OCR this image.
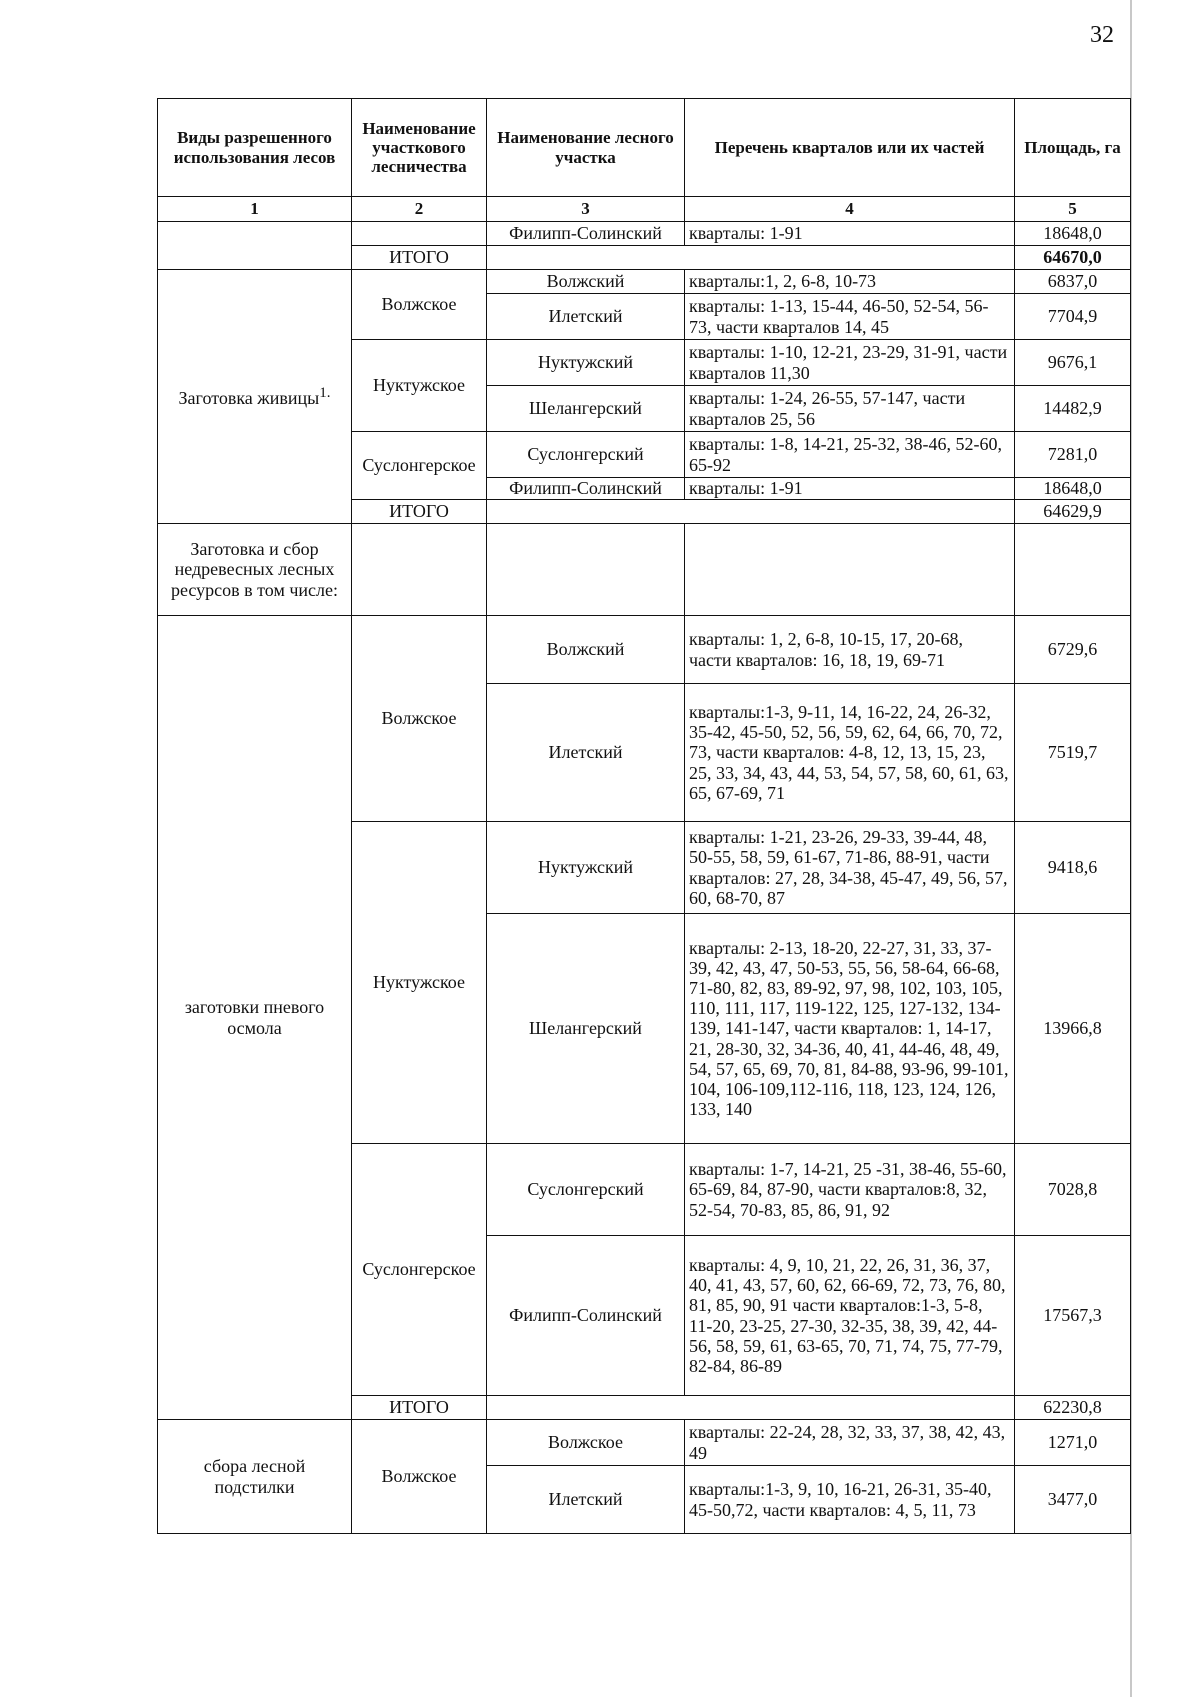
32
Виды разрешенного использования лесов	Наименование участкового лесничества	Наименование лесного участка	Перечень кварталов или их частей	Площадь, га
1	2	3	4	5
		Филипп-Солинский	кварталы: 1-91	18648,0
	ИТОГО			64670,0
Заготовка живицы$^{1.}$	Волжское	Волжский	кварталы:1, 2, 6-8, 10-73	6837,0
		Илетский	кварталы: 1-13, 15-44, 46-50, 52-54, 56-73, части кварталов 14, 45	7704,9
	Нуктужское	Нуктужский	кварталы: 1-10, 12-21, 23-29, 31-91, части кварталов 11,30	9676,1
		Шелангерский	кварталы: 1-24, 26-55, 57-147, части кварталов 25, 56	14482,9
	Суслонгерское	Суслонгерский	кварталы: 1-8, 14-21, 25-32, 38-46, 52-60, 65-92	7281,0
		Филипп-Солинский	кварталы: 1-91	18648,0
	ИТОГО			64629,9
Заготовка и сбор недревесных лесных ресурсов в том числе:				
заготовки пневого осмола	Волжское	Волжский	кварталы: 1, 2, 6-8, 10-15, 17, 20-68, части кварталов: 16, 18, 19, 69-71	6729,6
		Илетский	кварталы:1-3, 9-11, 14, 16-22, 24, 26-32, 35-42, 45-50, 52, 56, 59, 62, 64, 66, 70, 72, 73, части кварталов: 4-8, 12, 13, 15, 23, 25, 33, 34, 43, 44, 53, 54, 57, 58, 60, 61, 63, 65, 67-69, 71	7519,7
	Нуктужское	Нуктужский	кварталы: 1-21, 23-26, 29-33, 39-44, 48, 50-55, 58, 59, 61-67, 71-86, 88-91, части кварталов: 27, 28, 34-38, 45-47, 49, 56, 57, 60, 68-70, 87	9418,6
		Шелангерский	кварталы: 2-13, 18-20, 22-27, 31, 33, 37-39, 42, 43, 47, 50-53, 55, 56, 58-64, 66-68, 71-80, 82, 83, 89-92, 97, 98, 102, 103, 105, 110, 111, 117, 119-122, 125, 127-132, 134-139, 141-147, части кварталов: 1, 14-17, 21, 28-30, 32, 34-36, 40, 41, 44-46, 48, 49, 54, 57, 65, 69, 70, 81, 84-88, 93-96, 99-101, 104, 106-109,112-116, 118, 123, 124, 126, 133, 140	13966,8
	Суслонгерское	Суслонгерский	кварталы: 1-7, 14-21, 25 -31, 38-46, 55-60, 65-69, 84, 87-90, части кварталов:8, 32, 52-54, 70-83, 85, 86, 91, 92	7028,8
		Филипп-Солинский	кварталы: 4, 9, 10, 21, 22, 26, 31, 36, 37, 40, 41, 43, 57, 60, 62, 66-69, 72, 73, 76, 80, 81, 85, 90, 91 части кварталов:1-3, 5-8, 11-20, 23-25, 27-30, 32-35, 38, 39, 42, 44-56, 58, 59, 61, 63-65, 70, 71, 74, 75, 77-79, 82-84, 86-89	17567,3
	ИТОГО			62230,8
сбора лесной подстилки	Волжское	Волжское	кварталы: 22-24, 28, 32, 33, 37, 38, 42, 43, 49	1271,0
		Илетский	кварталы:1-3, 9, 10, 16-21, 26-31, 35-40, 45-50,72, части кварталов: 4, 5, 11, 73	3477,0
